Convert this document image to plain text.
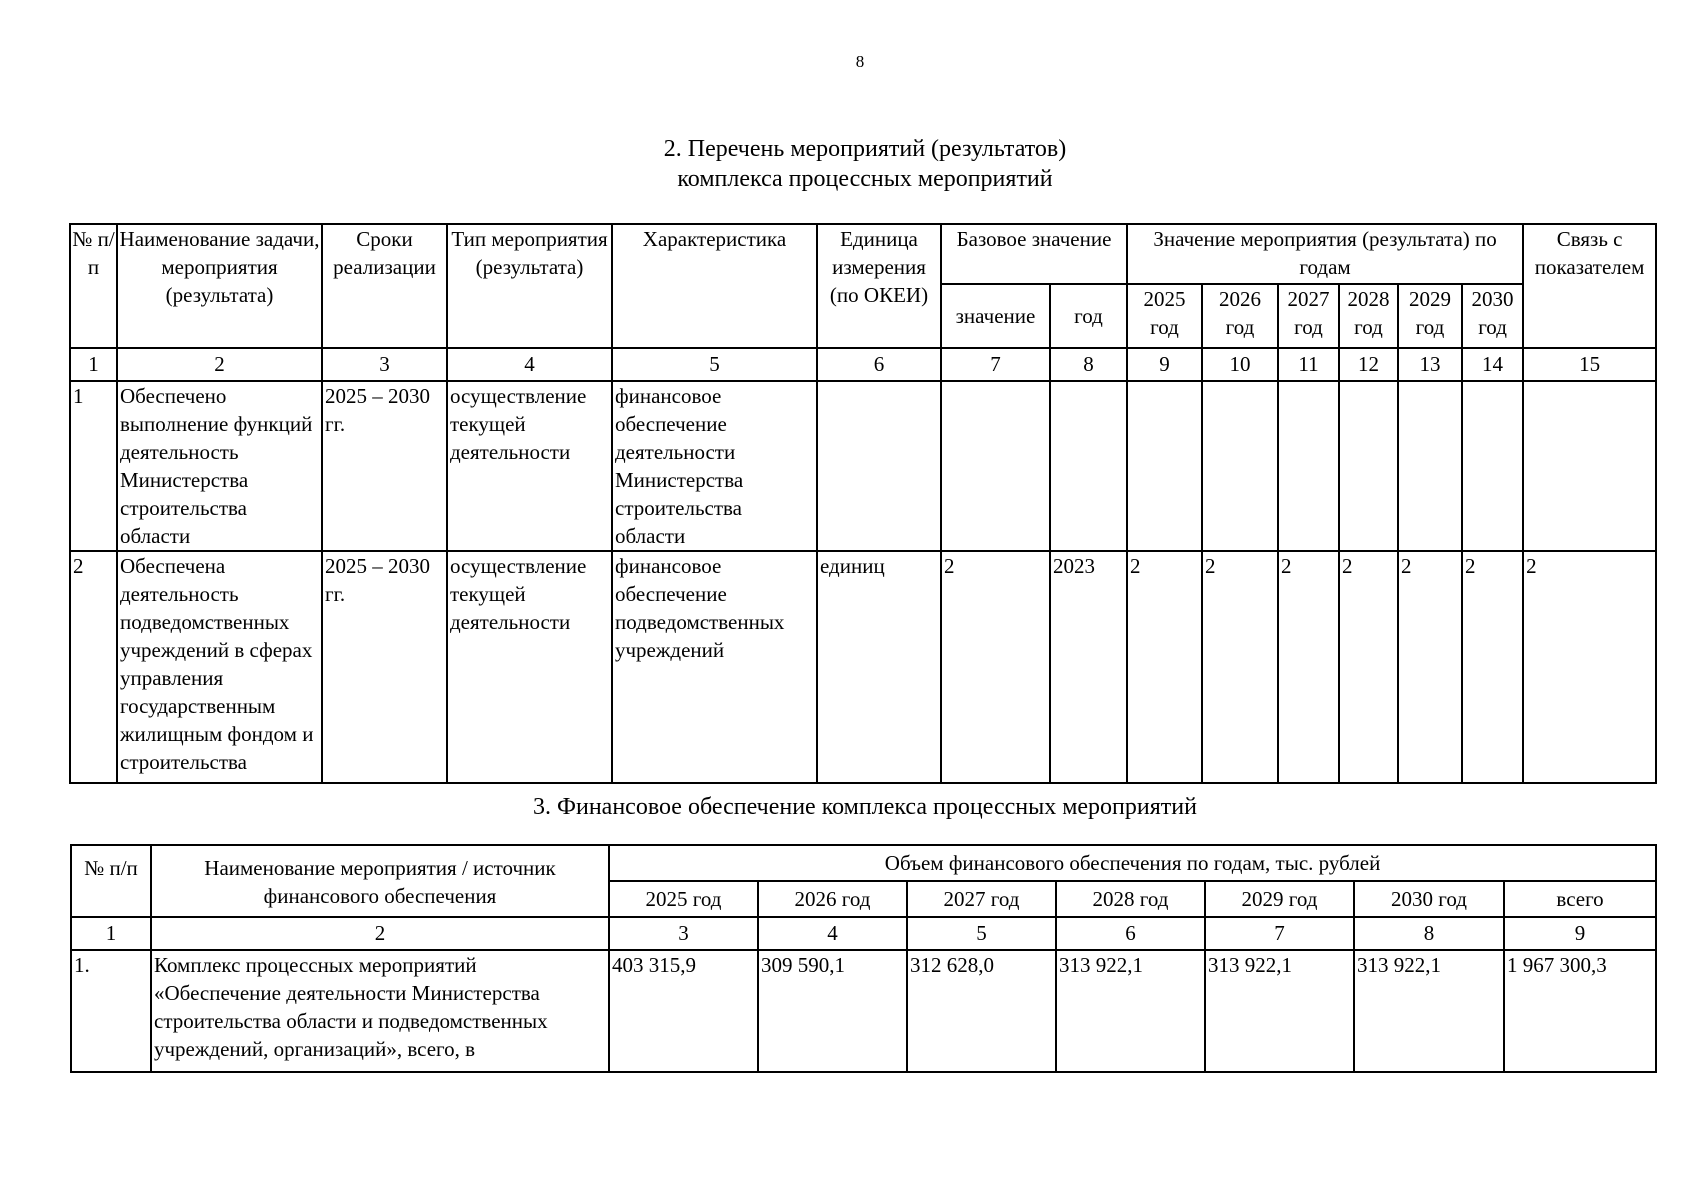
8
2. Перечень мероприятий (результатов)
комплекса процессных мероприятий
№ п/п	Наименование задачи, мероприятия (результата)	Сроки реализации	Тип мероприятия (результата)	Характеристика	Единица измерения (по ОКЕИ)	Базовое значение		Значение мероприятия (результата) по годам						Связь с показателем
						значение	год	2025 год	2026 год	2027 год	2028 год	2029 год	2030 год	
1	2	3	4	5	6	7	8	9	10	11	12	13	14	15
1	Обеспечено выполнение функций деятельность Министерства строительства области	2025 – 2030 гг.	осуществление текущей деятельности	финансовое обеспечение деятельности Министерства строительства области										
2	Обеспечена деятельность подведомственных учреждений в сферах управления государственным жилищным фондом и строительства	2025 – 2030 гг.	осуществление текущей деятельности	финансовое обеспечение подведомственных учреждений	единиц	2	2023	2	2	2	2	2	2	2
3. Финансовое обеспечение комплекса процессных мероприятий
№ п/п	Наименование мероприятия / источник финансового обеспечения	Объем финансового обеспечения по годам, тыс. рублей						
		2025 год	2026 год	2027 год	2028 год	2029 год	2030 год	всего
1	2	3	4	5	6	7	8	9
1.	Комплекс процессных мероприятий «Обеспечение деятельности Министерства строительства области и подведомственных учреждений, организаций», всего, в	403 315,9	309 590,1	312 628,0	313 922,1	313 922,1	313 922,1	1 967 300,3
